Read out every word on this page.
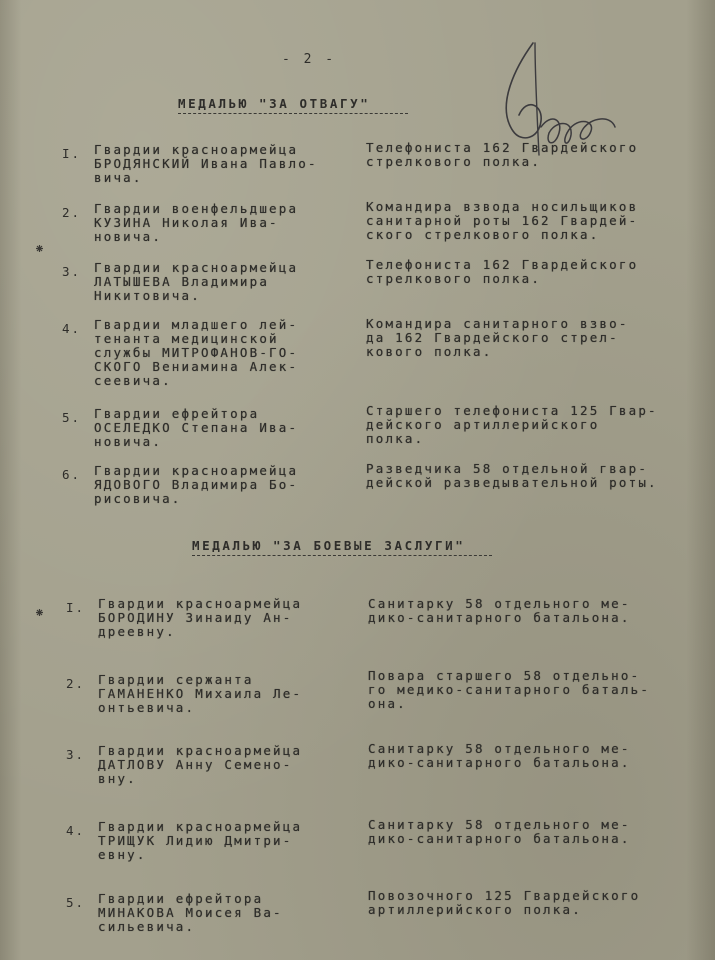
- 2 -
МЕДАЛЬЮ "ЗА ОТВАГУ"
I. Гвардии красноармейца
БРОДЯНСКИЙ Ивана Павло-
вича.
Телефониста 162 Гвардейского
стрелкового полка.
2. Гвардии военфельдшера
КУЗИНА Николая Ива-
новича.
Командира взвода носильщиков
санитарной роты 162 Гвардей-
ского стрелкового полка.
3. Гвардии красноармейца
ЛАТЫШЕВА Владимира
Никитовича.
Телефониста 162 Гвардейского
стрелкового полка.
4. Гвардии младшего лей-
тенанта медицинской
службы МИТРОФАНОВ-ГО-
СКОГО Вениамина Алек-
сеевича.
Командира санитарного взво-
да 162 Гвардейского стрел-
кового полка.
5. Гвардии ефрейтора
ОСЕЛЕДКО Степана Ива-
новича.
Старшего телефониста 125 Гвар-
дейского артиллерийского
полка.
6. Гвардии красноармейца
ЯДОВОГО Владимира Бо-
рисовича.
Разведчика 58 отдельной гвар-
дейской разведывательной роты.
МЕДАЛЬЮ "ЗА БОЕВЫЕ ЗАСЛУГИ"
I. Гвардии красноармейца
БОРОДИНУ Зинаиду Ан-
дреевну.
Санитарку 58 отдельного ме-
дико-санитарного батальона.
2. Гвардии сержанта
ГАМАНЕНКО Михаила Ле-
онтьевича.
Повара старшего 58 отдельно-
го медико-санитарного баталь-
она.
3. Гвардии красноармейца
ДАТЛОВУ Анну Семено-
вну.
Санитарку 58 отдельного ме-
дико-санитарного батальона.
4. Гвардии красноармейца
ТРИЩУК Лидию Дмитри-
евну.
Санитарку 58 отдельного ме-
дико-санитарного батальона.
5. Гвардии ефрейтора
МИНАКОВА Моисея Ва-
сильевича.
Повозочного 125 Гвардейского
артиллерийского полка.
